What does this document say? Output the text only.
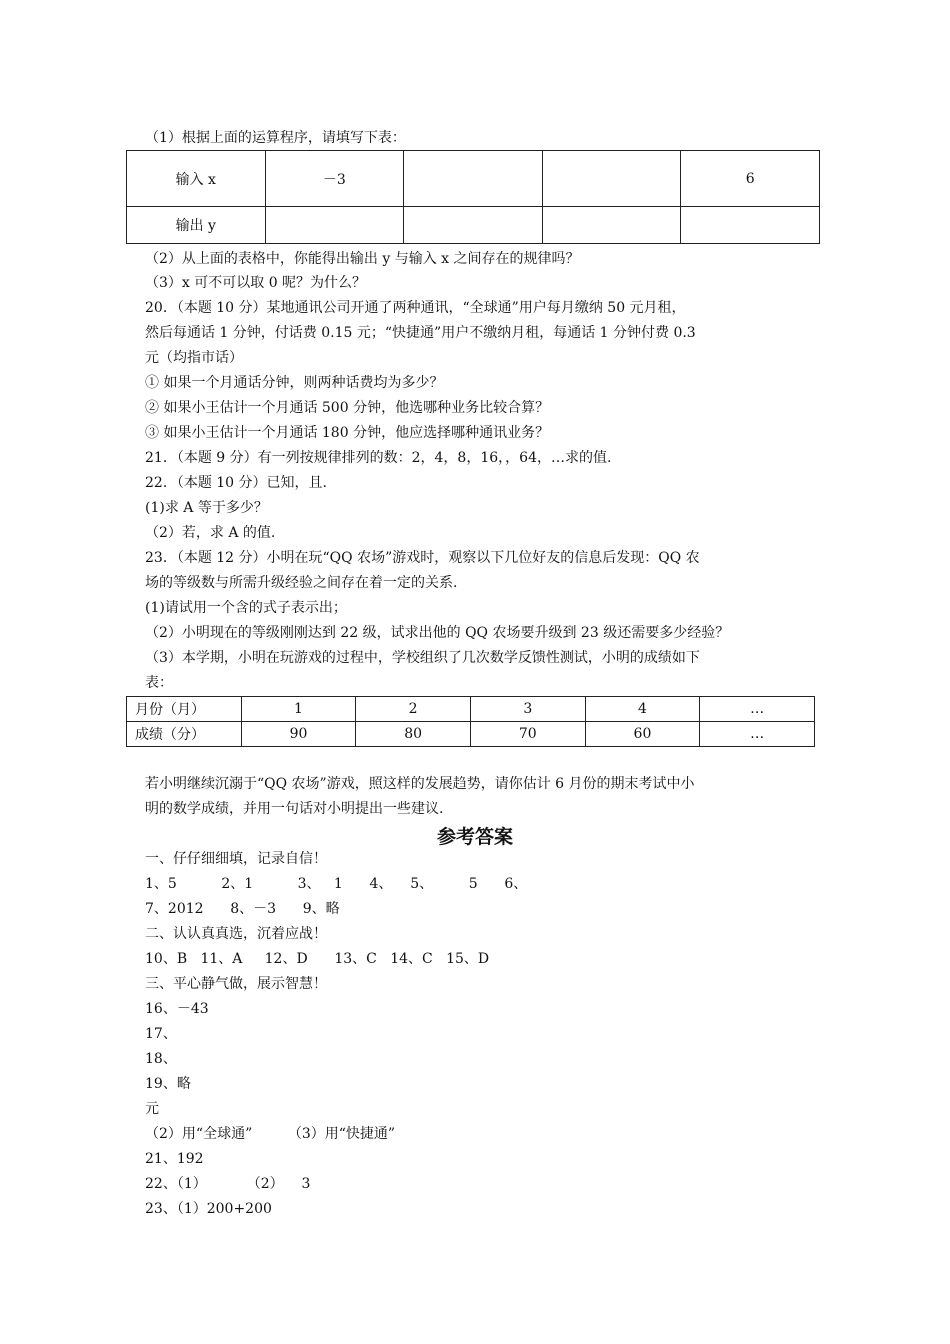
（1）根据上面的运算程序，请填写下表：
输入 x	－3			6
输出 y				
（2）从上面的表格中，你能得出输出 y 与输入 x 之间存在的规律吗？
（3）x 可不可以取 0 呢？为什么？
20．（本题 10 分）某地通讯公司开通了两种通讯，“全球通”用户每月缴纳 50 元月租，
然后每通话 1 分钟，付话费 0.15 元；“快捷通”用户不缴纳月租，每通话 1 分钟付费 0.3
元（均指市话）
① 如果一个月通话分钟，则两种话费均为多少？
② 如果小王估计一个月通话 500 分钟，他选哪种业务比较合算？
③ 如果小王估计一个月通话 180 分钟，他应选择哪种通讯业务？
21．（本题 9 分）有一列按规律排列的数：2，4，8，16，，64，…求的值.
22．（本题 10 分）已知，且.
(1)求 A 等于多少？
（2）若，求 A 的值.
23．（本题 12 分）小明在玩“QQ 农场”游戏时，观察以下几位好友的信息后发现：QQ 农
场的等级数与所需升级经验之间存在着一定的关系.
(1)请试用一个含的式子表示出；
（2）小明现在的等级刚刚达到 22 级，试求出他的 QQ 农场要升级到 23 级还需要多少经验？
（3）本学期，小明在玩游戏的过程中，学校组织了几次数学反馈性测试，小明的成绩如下
表：
月份（月）	1	2	3	4	…
成绩（分）	90	80	70	60	…
若小明继续沉溺于“QQ 农场”游戏，照这样的发展趋势，请你估计 6 月份的期末考试中小
明的数学成绩，并用一句话对小明提出一些建议.
参考答案
一、仔仔细细填，记录自信！
1、5          2、1          3、   1      4、    5、        5      6、
7、2012      8、－3      9、略
二、认认真真选，沉着应战！
10、B   11、A     12、D      13、C   14、C   15、D
三、平心静气做，展示智慧！
16、－43
17、
18、
19、略
元
（2）用“全球通”        （3）用“快捷通”
21、192
22、（1）         （2）    3
23、（1）200+200
